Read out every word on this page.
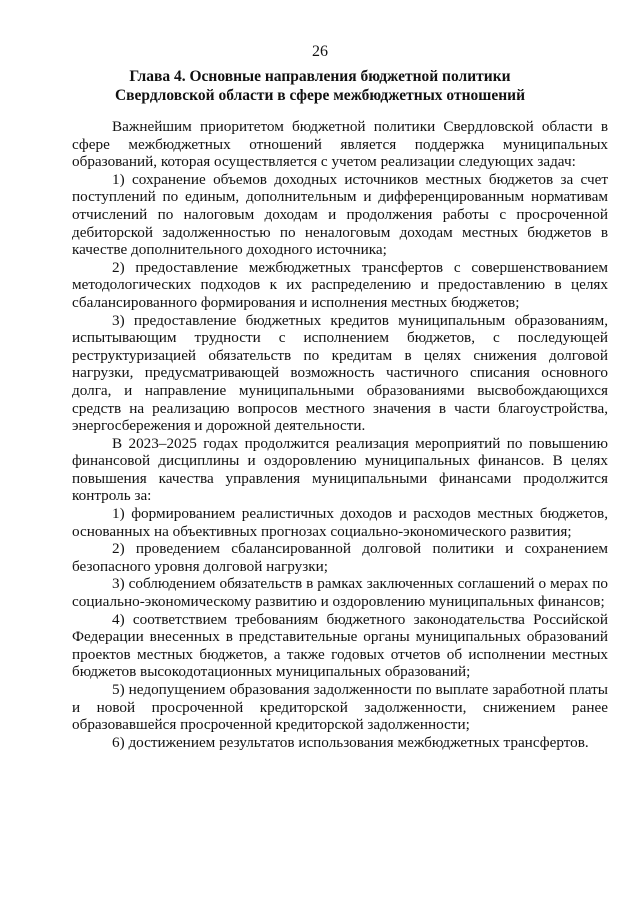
26
Глава 4. Основные направления бюджетной политики
Свердловской области в сфере межбюджетных отношений

Важнейшим приоритетом бюджетной политики Свердловской области в сфере межбюджетных отношений является поддержка муниципальных образований, которая осуществляется с учетом реализации следующих задач:

1) сохранение объемов доходных источников местных бюджетов за счет поступлений по единым, дополнительным и дифференцированным нормативам отчислений по налоговым доходам и продолжения работы с просроченной дебиторской задолженностью по неналоговым доходам местных бюджетов в качестве дополнительного доходного источника;

2) предоставление межбюджетных трансфертов с совершенствованием методологических подходов к их распределению и предоставлению в целях сбалансированного формирования и исполнения местных бюджетов;

3) предоставление бюджетных кредитов муниципальным образованиям, испытывающим трудности с исполнением бюджетов, с последующей реструктуризацией обязательств по кредитам в целях снижения долговой нагрузки, предусматривающей возможность частичного списания основного долга, и направление муниципальными образованиями высвобождающихся средств на реализацию вопросов местного значения в части благоустройства, энергосбережения и дорожной деятельности.

В 2023–2025 годах продолжится реализация мероприятий по повышению финансовой дисциплины и оздоровлению муниципальных финансов. В целях повышения качества управления муниципальными финансами продолжится контроль за:

1) формированием реалистичных доходов и расходов местных бюджетов, основанных на объективных прогнозах социально-экономического развития;

2) проведением сбалансированной долговой политики и сохранением безопасного уровня долговой нагрузки;

3) соблюдением обязательств в рамках заключенных соглашений о мерах по социально-экономическому развитию и оздоровлению муниципальных финансов;

4) соответствием требованиям бюджетного законодательства Российской Федерации внесенных в представительные органы муниципальных образований проектов местных бюджетов, а также годовых отчетов об исполнении местных бюджетов высокодотационных муниципальных образований;

5) недопущением образования задолженности по выплате заработной платы и новой просроченной кредиторской задолженности, снижением ранее образовавшейся просроченной кредиторской задолженности;

6) достижением результатов использования межбюджетных трансфертов.
